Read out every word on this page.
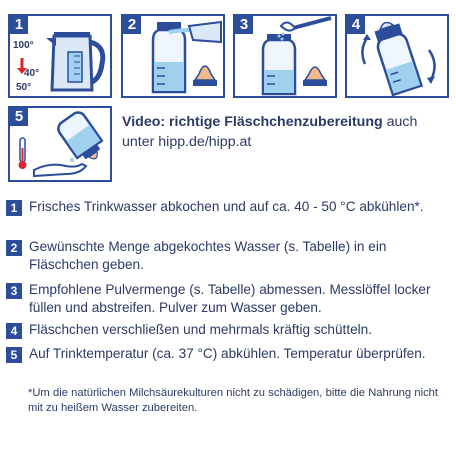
1
100°
40°
50°
2	3	4
5	Video: richtige Fläschchenzubereitung auch unter hipp.de/hipp.at
1 Frisches Trinkwasser abkochen und auf ca. 40 - 50 °C abkühlen*.
2 Gewünschte Menge abgekochtes Wasser (s. Tabelle) in ein Fläschchen geben.
3 Empfohlene Pulvermenge (s. Tabelle) abmessen. Messlöffel locker füllen und abstreifen. Pulver zum Wasser geben.
4 Fläschchen verschließen und mehrmals kräftig schütteln.
5 Auf Trinktemperatur (ca. 37 °C) abkühlen. Temperatur überprüfen.
*Um die natürlichen Milchsäurekulturen nicht zu schädigen, bitte die Nahrung nicht mit zu heißem Wasser zubereiten.
